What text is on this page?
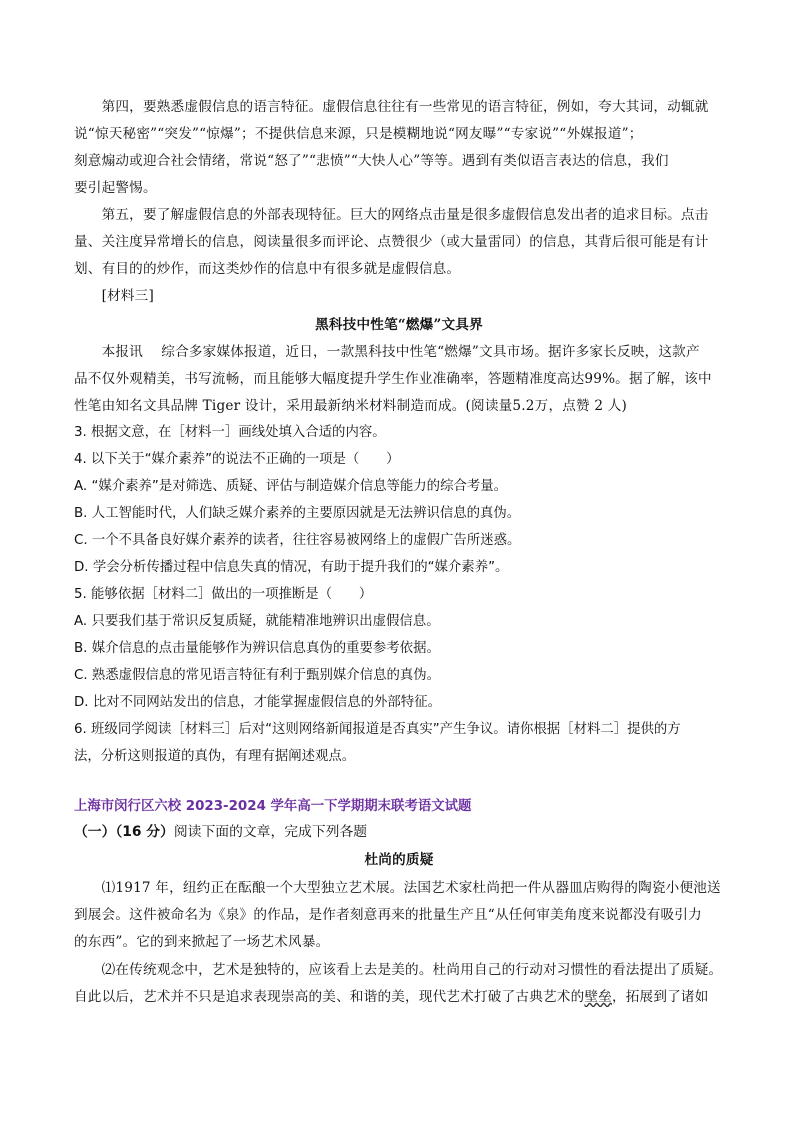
　　第四，要熟悉虚假信息的语言特征。虚假信息往往有一些常见的语言特征，例如，夸大其词，动辄就
说“惊天秘密”“突发”“惊爆”；不提供信息来源，只是模糊地说“网友曝”“专家说”“外媒报道”；
刻意煽动或迎合社会情绪，常说“怒了”“悲愤”“大快人心”等等。遇到有类似语言表达的信息，我们
要引起警惕。
　　第五，要了解虚假信息的外部表现特征。巨大的网络点击量是很多虚假信息发出者的追求目标。点击
量、关注度异常增长的信息，阅读量很多而评论、点赞很少（或大量雷同）的信息，其背后很可能是有计
划、有目的的炒作，而这类炒作的信息中有很多就是虚假信息。
　　[材料三]
黑科技中性笔“燃爆”文具界
　　本报讯　 综合多家媒体报道，近日，一款黑科技中性笔“燃爆”文具市场。据许多家长反映，这款产
品不仅外观精美，书写流畅，而且能够大幅度提升学生作业准确率，答题精准度高达99%。据了解，该中
性笔由知名文具品牌 Tiger 设计，采用最新纳米材料制造而成。(阅读量5.2万，点赞 2 人)
3. 根据文意，在［材料一］画线处填入合适的内容。
4. 以下关于“媒介素养”的说法不正确的一项是（　　）
A. “媒介素养”是对筛选、质疑、评估与制造媒介信息等能力的综合考量。
B. 人工智能时代，人们缺乏媒介素养的主要原因就是无法辨识信息的真伪。
C. 一个不具备良好媒介素养的读者，往往容易被网络上的虚假广告所迷惑。
D. 学会分析传播过程中信息失真的情况，有助于提升我们的“媒介素养”。
5. 能够依据［材料二］做出的一项推断是（　　）
A. 只要我们基于常识反复质疑，就能精准地辨识出虚假信息。
B. 媒介信息的点击量能够作为辨识信息真伪的重要参考依据。
C. 熟悉虚假信息的常见语言特征有利于甄别媒介信息的真伪。
D. 比对不同网站发出的信息，才能掌握虚假信息的外部特征。
6. 班级同学阅读［材料三］后对“这则网络新闻报道是否真实”产生争议。请你根据［材料二］提供的方
法，分析这则报道的真伪，有理有据阐述观点。
上海市闵行区六校 2023-2024 学年高一下学期期末联考语文试题
（一）（16 分）阅读下面的文章，完成下列各题
杜尚的质疑
　　⑴1917 年，纽约正在酝酿一个大型独立艺术展。法国艺术家杜尚把一件从器皿店购得的陶瓷小便池送
到展会。这件被命名为《泉》的作品，是作者刻意再来的批量生产且“从任何审美角度来说都没有吸引力
的东西”。它的到来掀起了一场艺术风暴。
　　⑵在传统观念中，艺术是独特的，应该看上去是美的。杜尚用自己的行动对习惯性的看法提出了质疑。
自此以后，艺术并不只是追求表现崇高的美、和谐的美，现代艺术打破了古典艺术的壁垒，拓展到了诸如
